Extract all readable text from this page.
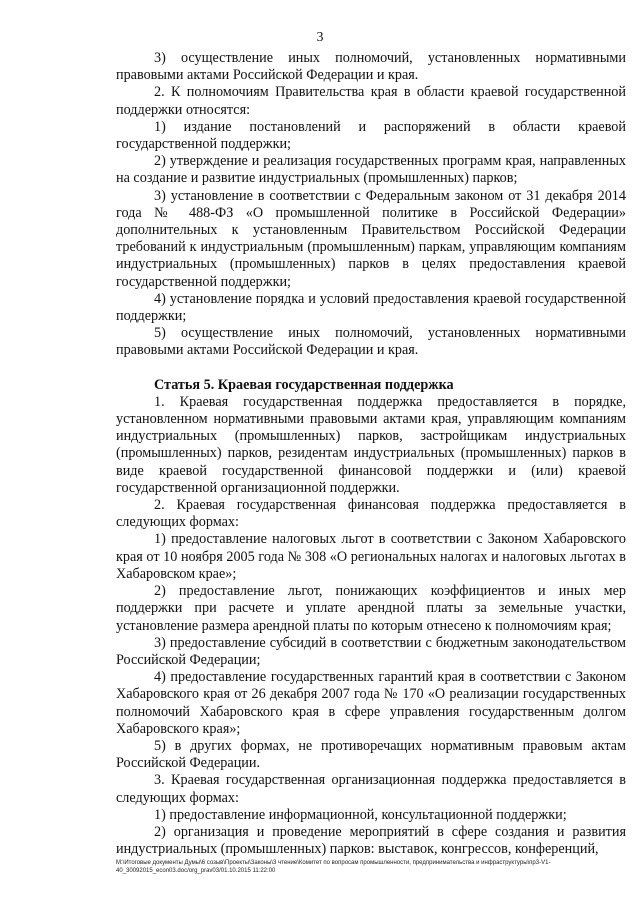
3

3) осуществление иных полномочий, установленных нормативными правовыми актами Российской Федерации и края.

2. К полномочиям Правительства края в области краевой государственной поддержки относятся:

1) издание постановлений и распоряжений в области краевой государственной поддержки;

2) утверждение и реализация государственных программ края, направленных на создание и развитие индустриальных (промышленных) парков;

3) установление в соответствии с Федеральным законом от 31 декабря 2014 года № 488-ФЗ «О промышленной политике в Российской Федерации» дополнительных к установленным Правительством Российской Федерации требований к индустриальным (промышленным) паркам, управляющим компаниям индустриальных (промышленных) парков в целях предоставления краевой государственной поддержки;

4) установление порядка и условий предоставления краевой государственной поддержки;

5) осуществление иных полномочий, установленных нормативными правовыми актами Российской Федерации и края.

Статья 5. Краевая государственная поддержка

1. Краевая государственная поддержка предоставляется в порядке, установленном нормативными правовыми актами края, управляющим компаниям индустриальных (промышленных) парков, застройщикам индустриальных (промышленных) парков, резидентам индустриальных (промышленных) парков в виде краевой государственной финансовой поддержки и (или) краевой государственной организационной поддержки.

2. Краевая государственная финансовая поддержка предоставляется в следующих формах:

1) предоставление налоговых льгот в соответствии с Законом Хабаровского края от 10 ноября 2005 года № 308 «О региональных налогах и налоговых льготах в Хабаровском крае»;

2) предоставление льгот, понижающих коэффициентов и иных мер поддержки при расчете и уплате арендной платы за земельные участки, установление размера арендной платы по которым отнесено к полномочиям края;

3) предоставление субсидий в соответствии с бюджетным законодательством Российской Федерации;

4) предоставление государственных гарантий края в соответствии с Законом Хабаровского края от 26 декабря 2007 года № 170 «О реализации государственных полномочий Хабаровского края в сфере управления государственным долгом Хабаровского края»;

5) в других формах, не противоречащих нормативным правовым актам Российской Федерации.

3. Краевая государственная организационная поддержка предоставляется в следующих формах:

1) предоставление информационной, консультационной поддержки;

2) организация и проведение мероприятий в сфере создания и развития индустриальных (промышленных) парков: выставок, конгрессов, конференций,

M:\Итоговые документы Думы\6 созыв\Проекты\Законы\3 чтение\Комитет по вопросам промышленности, предпринимательства и инфраструктуры\пр3-V1-40_30092015_econ03.doc/org_prav03/01.10.2015 11:22:00
